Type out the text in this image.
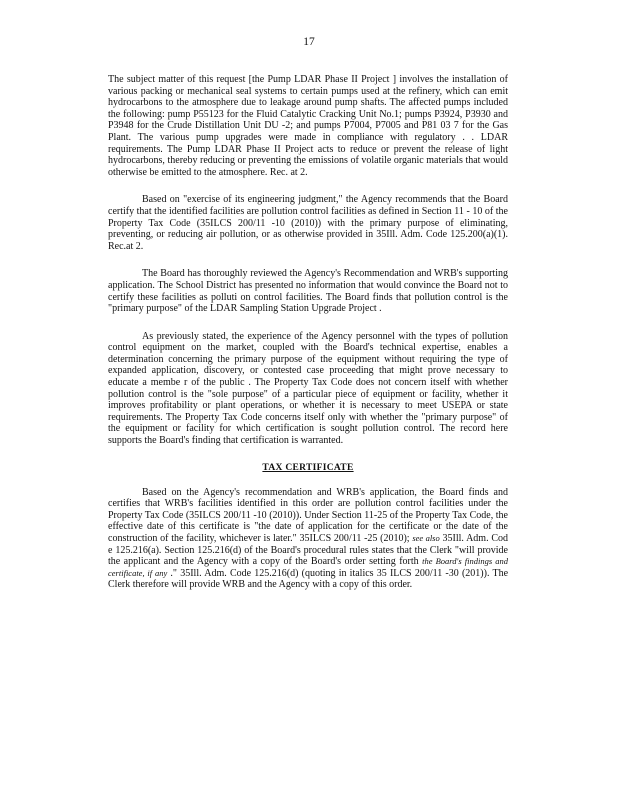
17

The subject matter of this request [the Pump LDAR Phase II Project ] involves the installation of various packing or mechanical seal systems to certain pumps used at the refinery, which can emit hydrocarbons to the atmosphere due to leakage around pump shafts. The affected pumps included the following: pump P55123 for the Fluid Catalytic Cracking Unit No.1; pumps P3924, P3930 and P3948 for the Crude Distillation Unit DU -2; and pumps P7004, P7005 and P81 03 7 for the Gas Plant. The various pump upgrades were made in compliance with regulatory . . LDAR requirements. The Pump LDAR Phase II Project acts to reduce or prevent the release of light hydrocarbons, thereby reducing or preventing the emissions of volatile organic materials that would otherwise be emitted to the atmosphere. Rec. at 2.

Based on "exercise of its engineering judgment," the Agency recommends that the Board certify that the identified facilities are pollution control facilities as defined in Section 11 - 10 of the Property Tax Code (35ILCS 200/11 -10 (2010)) with the primary purpose of eliminating, preventing, or reducing air pollution, or as otherwise provided in 35Ill. Adm. Code 125.200(a)(1). Rec.at 2.

The Board has thoroughly reviewed the Agency's Recommendation and WRB's supporting application. The School District has presented no information that would convince the Board not to certify these facilities as polluti on control facilities. The Board finds that pollution control is the "primary purpose" of the LDAR Sampling Station Upgrade Project .

As previously stated, the experience of the Agency personnel with the types of pollution control equipment on the market, coupled with the Board's technical expertise, enables a determination concerning the primary purpose of the equipment without requiring the type of expanded application, discovery, or contested case proceeding that might prove necessary to educate a membe r of the public . The Property Tax Code does not concern itself with whether pollution control is the "sole purpose" of a particular piece of equipment or facility, whether it improves profitability or plant operations, or whether it is necessary to meet USEPA or state requirements. The Property Tax Code concerns itself only with whether the "primary purpose" of the equipment or facility for which certification is sought pollution control. The record here supports the Board's finding that certification is warranted.

TAX CERTIFICATE

Based on the Agency's recommendation and WRB's application, the Board finds and certifies that WRB's facilities identified in this order are pollution control facilities under the Property Tax Code (35ILCS 200/11 -10 (2010)). Under Section 11-25 of the Property Tax Code, the effective date of this certificate is "the date of application for the certificate or the date of the construction of the facility, whichever is later." 35ILCS 200/11 -25 (2010); see also 35Ill. Adm. Cod e 125.216(a). Section 125.216(d) of the Board's procedural rules states that the Clerk "will provide the applicant and the Agency with a copy of the Board's order setting forth the Board's findings and certificate, if any ." 35Ill. Adm. Code 125.216(d) (quoting in italics 35 ILCS 200/11 -30 (201)). The Clerk therefore will provide WRB and the Agency with a copy of this order.
